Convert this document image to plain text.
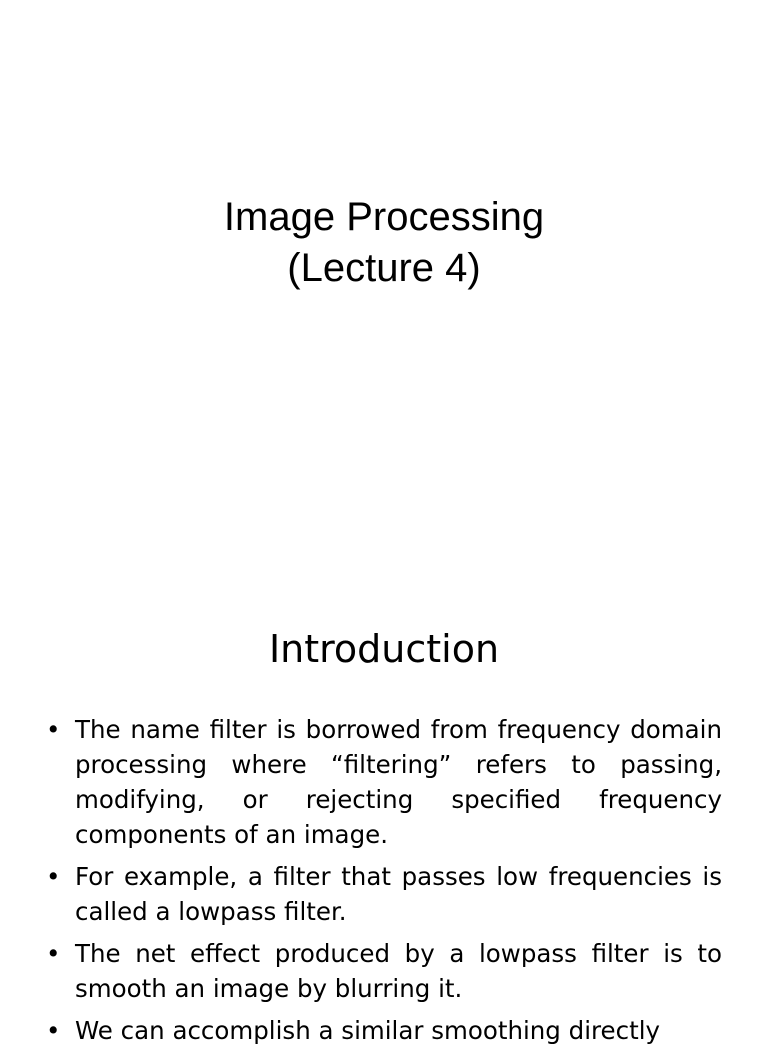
Image Processing
(Lecture 4)
Introduction
• The name filter is borrowed from frequency domain processing where “filtering” refers to passing, modifying, or rejecting specified frequency components of an image.
• For example, a filter that passes low frequencies is called a lowpass filter.
• The net effect produced by a lowpass filter is to smooth an image by blurring it.
• We can accomplish a similar smoothing directly
